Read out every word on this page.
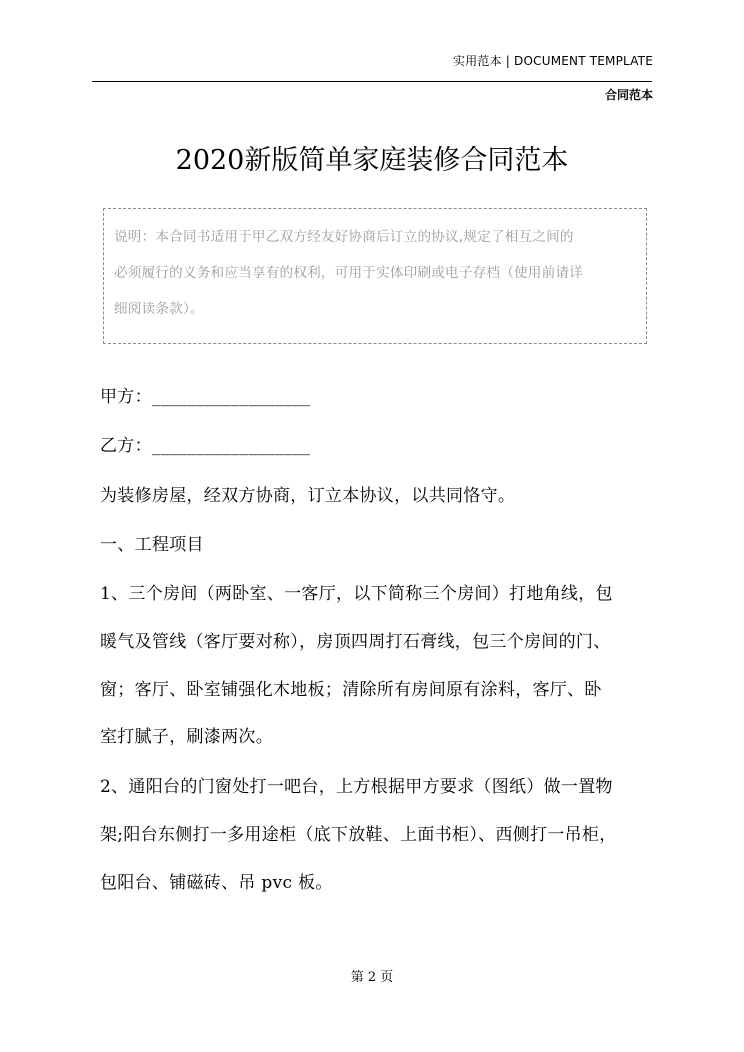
实用范本 | DOCUMENT TEMPLATE
合同范本
2020新版简单家庭装修合同范本
说明：本合同书适用于甲乙双方经友好协商后订立的协议,规定了相互之间的
必须履行的义务和应当享有的权利，可用于实体印刷或电子存档（使用前请详
细阅读条款）。
甲方：__________________
乙方：__________________
为装修房屋，经双方协商，订立本协议，以共同恪守。
一、工程项目
1、三个房间（两卧室、一客厅，以下简称三个房间）打地角线，包
暖气及管线（客厅要对称），房顶四周打石膏线，包三个房间的门、
窗；客厅、卧室铺强化木地板；清除所有房间原有涂料，客厅、卧
室打腻子，刷漆两次。
2、通阳台的门窗处打一吧台，上方根据甲方要求（图纸）做一置物
架;阳台东侧打一多用途柜（底下放鞋、上面书柜）、西侧打一吊柜，
包阳台、铺磁砖、吊 pvc 板。
第 2 页
